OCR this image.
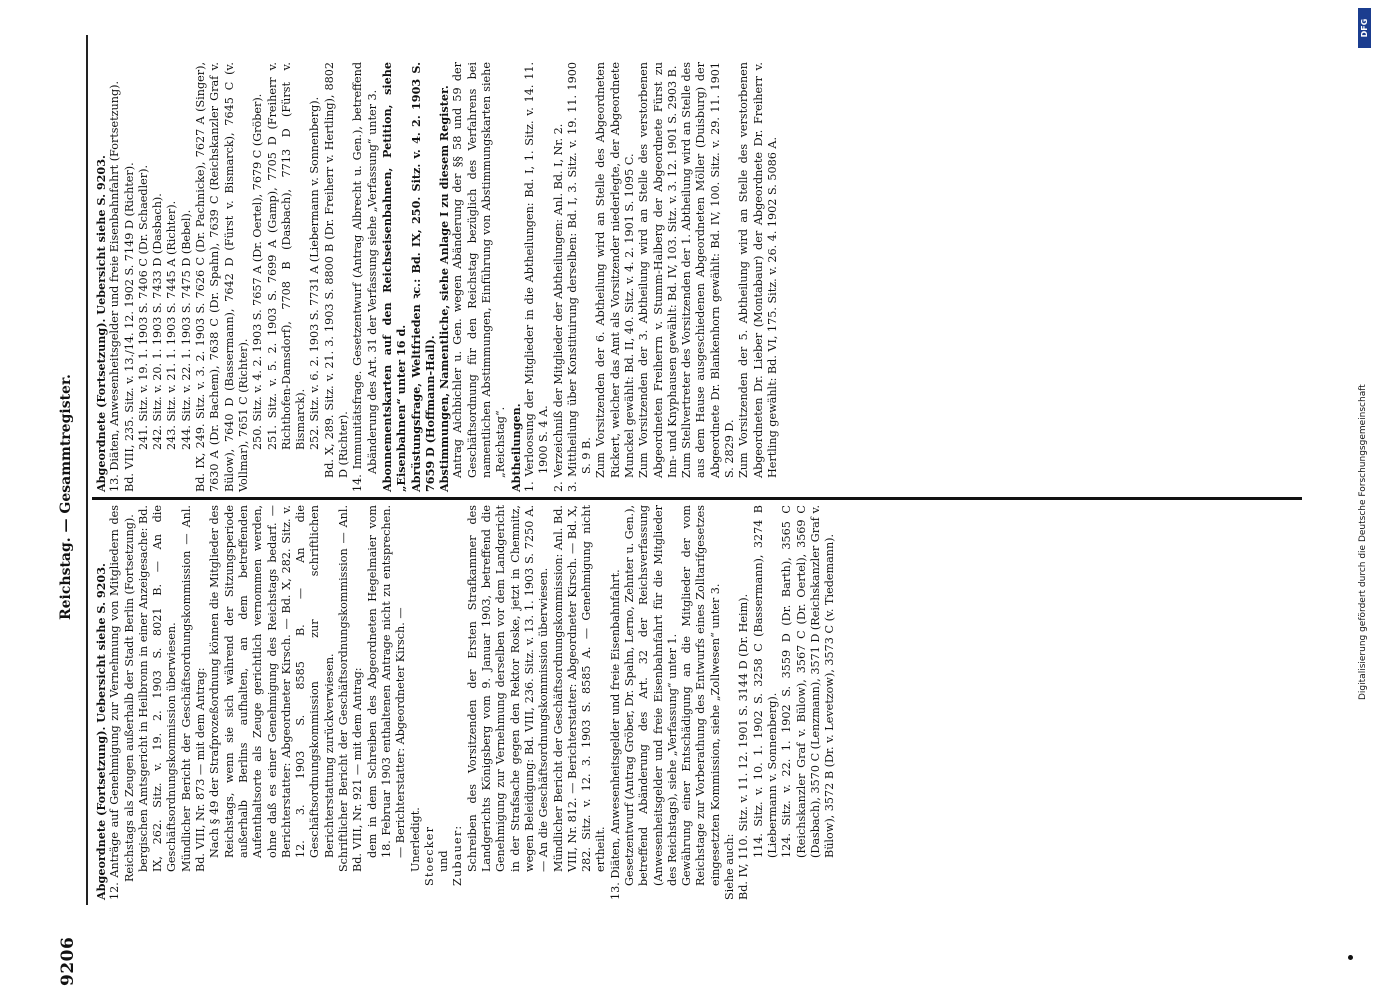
9206
Reichstag. — Gesammtregister.

Abgeordnete (Fortsetzung). Uebersicht siehe S. 9203. 12. Anträge auf Genehmigung zur Vernehmung von Mitgliedern des Reichstags als Zeugen außerhalb der Stadt Berlin (Fortsetzung). bergischen Amtsgericht in Heilbronn in einer Anzeigesache: Bd. IX, 262. Sitz. v. 19. 2. 1903 S. 8021 B. — An die Geschäftsordnungskommission überwiesen. Mündlicher Bericht der Geschäftsordnungskommission — Anl. Bd. VIII, Nr. 873 — mit dem Antrag: Nach § 49 der Strafprozeßordnung können die Mitglieder des Reichstags, wenn sie sich während der Sitzungsperiode außerhalb Berlins aufhalten, an dem betreffenden Aufenthaltsorte als Zeuge gerichtlich vernommen werden, ohne daß es einer Genehmigung des Reichstags bedarf. — Berichterstatter: Abgeordneter Kirsch. — Bd. X, 282. Sitz. v. 12. 3. 1903 S. 8585 B. — An die Geschäftsordnungskommission zur schriftlichen Berichterstattung zurückverwiesen. Schriftlicher Bericht der Geschäftsordnungskommission — Anl. Bd. VIII, Nr. 921 — mit dem Antrag: dem in dem Schreiben des Abgeordneten Hegelmaier vom 18. Februar 1903 enthaltenen Antrage nicht zu entsprechen. — Berichterstatter: Abgeordneter Kirsch. — Unerledigt. Stoecker und Zubauer: Schreiben des Vorsitzenden der Ersten Strafkammer des Landgerichts Königsberg vom 9. Januar 1903, betreffend die Genehmigung zur Vernehmung derselben vor dem Landgericht in der Strafsache gegen den Rektor Roske, jetzt in Chemnitz, wegen Beleidigung: Bd. VIII, 236. Sitz. v. 13. 1. 1903 S. 7250 A. — An die Geschäftsordnungskommission überwiesen. Mündlicher Bericht der Geschäftsordnungskommission: Anl. Bd. VIII, Nr. 812. — Berichterstatter: Abgeordneter Kirsch. — Bd. X, 282. Sitz. v. 12. 3. 1903 S. 8585 A. — Genehmigung nicht ertheilt. 13. Diäten, Anwesenheitsgelder und freie Eisenbahnfahrt. Gesetzentwurf (Antrag Gröber, Dr. Spahn, Lerno, Zehnter u. Gen.), betreffend Abänderung des Art. 32 der Reichsverfassung (Anwesenheitsgelder und freie Eisenbahnfahrt für die Mitglieder des Reichstags), siehe „Verfassung“ unter 1. Gewährung einer Entschädigung an die Mitglieder der vom Reichstage zur Vorberathung des Entwurfs eines Zolltarifgesetzes eingesetzten Kommission, siehe „Zollwesen“ unter 3. Siehe auch: Bd. IV, 110. Sitz. v. 11. 12. 1901 S. 3144 D (Dr. Heim). 114. Sitz. v. 10. 1. 1902 S. 3258 C (Bassermann), 3274 B (Liebermann v. Sonnenberg). 124. Sitz. v. 22. 1. 1902 S. 3559 D (Dr. Barth), 3565 C (Reichskanzler Graf v. Bülow), 3567 C (Dr. Oertel), 3569 C (Dasbach), 3570 C (Lenzmann), 3571 D (Reichskanzler Graf v. Bülow), 3572 B (Dr. v. Levetzow), 3573 C (v. Tiedemann).

Abgeordnete (Fortsetzung). Uebersicht siehe S. 9203. 13. Diäten, Anwesenheitsgelder und freie Eisenbahnfahrt (Fortsetzung). Bd. VIII, 235. Sitz. v. 13./14. 12. 1902 S. 7149 D (Richter). 241. Sitz. v. 19. 1. 1903 S. 7406 C (Dr. Schaedler). 242. Sitz. v. 20. 1. 1903 S. 7433 D (Dasbach). 243. Sitz. v. 21. 1. 1903 S. 7445 A (Richter). 244. Sitz. v. 22. 1. 1903 S. 7475 D (Bebel). Bd. IX, 249. Sitz. v. 3. 2. 1903 S. 7626 C (Dr. Pachnicke), 7627 A (Singer), 7630 A (Dr. Bachem), 7638 C (Dr. Spahn), 7639 C (Reichskanzler Graf v. Bülow), 7640 D (Bassermann), 7642 D (Fürst v. Bismarck), 7645 C (v. Vollmar), 7651 C (Richter). 250. Sitz. v. 4. 2. 1903 S. 7657 A (Dr. Oertel), 7679 C (Gröber). 251. Sitz. v. 5. 2. 1903 S. 7699 A (Gamp), 7705 D (Freiherr v. Richthofen-Damsdorf), 7708 B (Dasbach), 7713 D (Fürst v. Bismarck). 252. Sitz. v. 6. 2. 1903 S. 7731 A (Liebermann v. Sonnenberg). Bd. X, 289. Sitz. v. 21. 3. 1903 S. 8800 B (Dr. Freiherr v. Hertling), 8802 D (Richter). 14. Immunitätsfrage. Gesetzentwurf (Antrag Albrecht u. Gen.), betreffend Abänderung des Art. 31 der Verfassung siehe „Verfassung“ unter 3. Abonnementskarten auf den Reichseisenbahnen, Petition, siehe „Eisenbahnen“ unter 16 d. Abrüstungsfrage, Weltfrieden ꝛc.: Bd. IX, 250. Sitz. v. 4. 2. 1903 S. 7659 D (Hoffmann-Hall). Abstimmungen, Namentliche, siehe Anlage I zu diesem Register. Antrag Aichbichler u. Gen. wegen Abänderung der §§ 58 und 59 der Geschäftsordnung für den Reichstag bezüglich des Verfahrens bei namentlichen Abstimmungen, Einführung von Abstimmungskarten siehe „Reichstag“. Abtheilungen. 1. Verloosung der Mitglieder in die Abtheilungen: Bd. I, 1. Sitz. v. 14. 11. 1900 S. 4 A. 2. Verzeichniß der Mitglieder der Abtheilungen: Anl. Bd. I, Nr. 2. 3. Mittheilung über Konstituirung derselben: Bd. I, 3. Sitz. v. 19. 11. 1900 S. 9 B. Zum Vorsitzenden der 6. Abtheilung wird an Stelle des Abgeordneten Rickert, welcher das Amt als Vorsitzender niederlegte, der Abgeordnete Munckel gewählt: Bd. II, 40. Sitz. v. 4. 2. 1901 S. 1095 C. Zum Vorsitzenden der 3. Abtheilung wird an Stelle des verstorbenen Abgeordneten Freiherrn v. Stumm-Halberg der Abgeordnete Fürst zu Inn- und Knyphausen gewählt: Bd. IV, 103. Sitz. v. 3. 12. 1901 S. 2903 B. Zum Stellvertreter des Vorsitzenden der 1. Abtheilung wird an Stelle des aus dem Hause ausgeschiedenen Abgeordneten Möller (Duisburg) der Abgeordnete Dr. Blankenhorn gewählt: Bd. IV, 100. Sitz. v. 29. 11. 1901 S. 2829 D. Zum Vorsitzenden der 5. Abtheilung wird an Stelle des verstorbenen Abgeordneten Dr. Lieber (Montabaur) der Abgeordnete Dr. Freiherr v. Hertling gewählt: Bd. VI, 175. Sitz. v. 26. 4. 1902 S. 5086 A.

Digitalisierung gefördert durch die Deutsche Forschungsgemeinschaft
DFG
